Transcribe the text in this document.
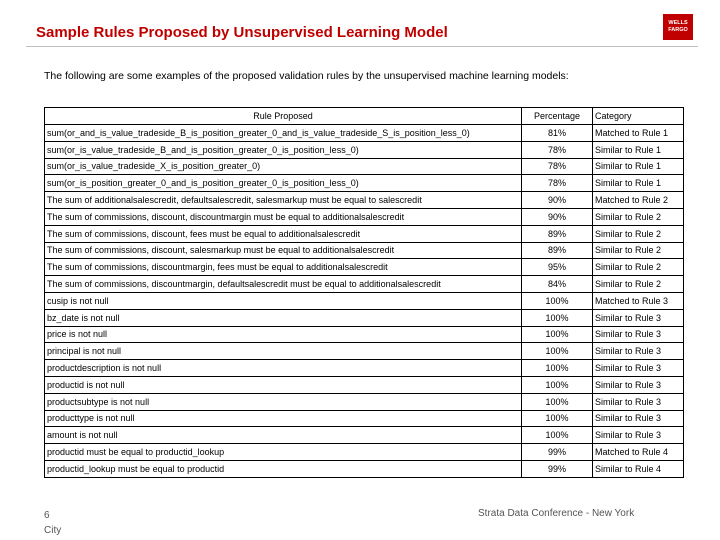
Sample Rules Proposed by Unsupervised Learning Model
WELLS
FARGO
The following are some examples of the proposed validation rules by the unsupervised machine learning models:
Rule Proposed	Percentage	Category
sum(or_and_is_value_tradeside_B_is_position_greater_0_and_is_value_tradeside_S_is_position_less_0)	81%	Matched to Rule 1
sum(or_is_value_tradeside_B_and_is_position_greater_0_is_position_less_0)	78%	Similar to Rule 1
sum(or_is_value_tradeside_X_is_position_greater_0)	78%	Similar to Rule 1
sum(or_is_position_greater_0_and_is_position_greater_0_is_position_less_0)	78%	Similar to Rule 1
The sum of additionalsalescredit, defaultsalescredit, salesmarkup must be equal to salescredit	90%	Matched to Rule 2
The sum of commissions, discount, discountmargin must be equal to additionalsalescredit	90%	Similar to Rule 2
The sum of commissions, discount, fees must be equal to additionalsalescredit	89%	Similar to Rule 2
The sum of commissions, discount, salesmarkup must be equal to additionalsalescredit	89%	Similar to Rule 2
The sum of commissions, discountmargin, fees must be equal to additionalsalescredit	95%	Similar to Rule 2
The sum of commissions, discountmargin, defaultsalescredit must be equal to additionalsalescredit	84%	Similar to Rule 2
cusip is not null	100%	Matched to Rule 3
bz_date is not null	100%	Similar to Rule 3
price is not null	100%	Similar to Rule 3
principal is not null	100%	Similar to Rule 3
productdescription is not null	100%	Similar to Rule 3
productid is not null	100%	Similar to Rule 3
productsubtype is not null	100%	Similar to Rule 3
producttype is not null	100%	Similar to Rule 3
amount is not null	100%	Similar to Rule 3
productid must be equal to productid_lookup	99%	Matched to Rule 4
productid_lookup must be equal to productid	99%	Similar to Rule 4
6
City
Strata Data Conference - New York
